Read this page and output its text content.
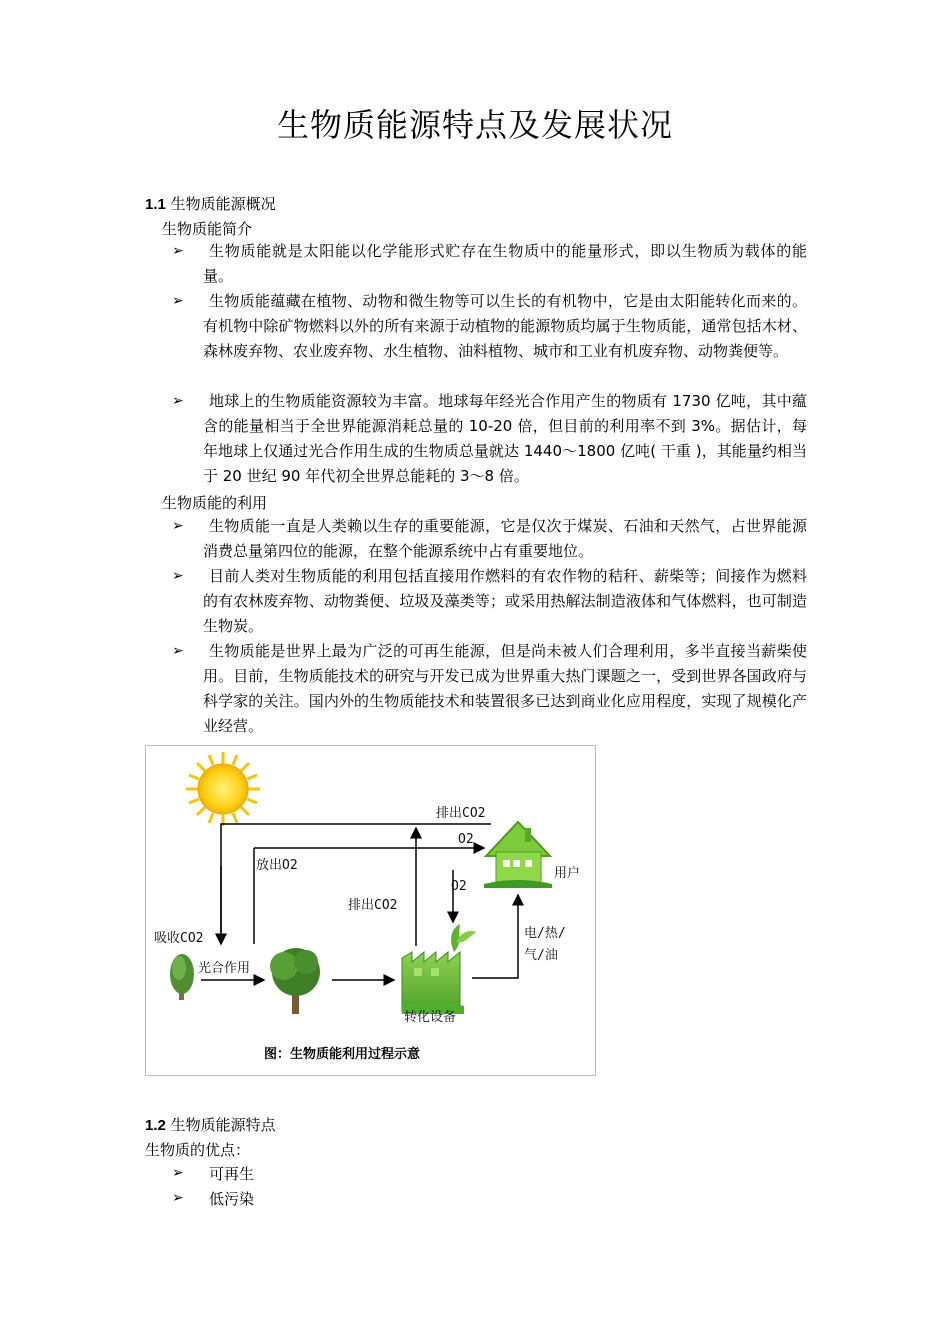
生物质能源特点及发展状况
1.1 生物质能源概况
生物质能简介
➢	生物质能就是太阳能以化学能形式贮存在生物质中的能量形式，即以生物质为载体的能量。
➢	生物质能蕴藏在植物、动物和微生物等可以生长的有机物中，它是由太阳能转化而来的。有机物中除矿物燃料以外的所有来源于动植物的能源物质均属于生物质能，通常包括木材、森林废弃物、农业废弃物、水生植物、油料植物、城市和工业有机废弃物、动物粪便等。
➢	地球上的生物质能资源较为丰富。地球每年经光合作用产生的物质有 1730 亿吨，其中蕴含的能量相当于全世界能源消耗总量的 10-20 倍，但目前的利用率不到 3%。据估计，每年地球上仅通过光合作用生成的生物质总量就达 1440～1800 亿吨( 干重 )，其能量约相当于 20 世纪 90 年代初全世界总能耗的 3～8 倍。
生物质能的利用
➢	生物质能一直是人类赖以生存的重要能源，它是仅次于煤炭、石油和天然气，占世界能源消费总量第四位的能源，在整个能源系统中占有重要地位。
➢	目前人类对生物质能的利用包括直接用作燃料的有农作物的秸秆、薪柴等；间接作为燃料的有农林废弃物、动物粪便、垃圾及藻类等；或采用热解法制造液体和气体燃料，也可制造生物炭。
➢	生物质能是世界上最为广泛的可再生能源，但是尚未被人们合理利用，多半直接当薪柴使用。目前，生物质能技术的研究与开发已成为世界重大热门课题之一，受到世界各国政府与科学家的关注。国内外的生物质能技术和装置很多已达到商业化应用程度，实现了规模化产业经营。
排出CO2
O2
放出O2
用户
O2
排出CO2
吸收CO2
光合作用
电/热/
气/油
转化设备
图：生物质能利用过程示意
1.2 生物质能源特点
生物质的优点：
➢ 可再生
➢ 低污染
